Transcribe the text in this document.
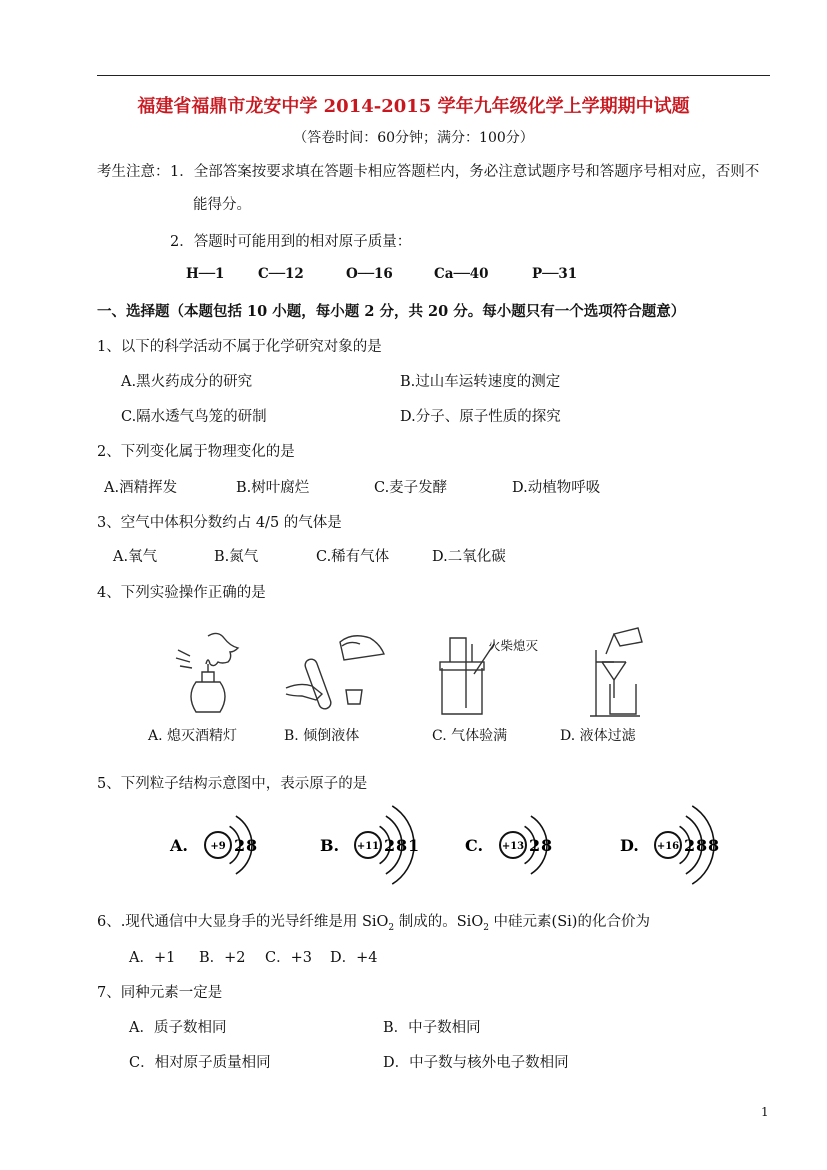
福建省福鼎市龙安中学 2014-2015 学年九年级化学上学期期中试题
（答卷时间：60分钟；满分：100分）
考生注意： 1．全部答案按要求填在答题卡相应答题栏内，务必注意试题序号和答题序号相对应，否则不
能得分。
2．答题时可能用到的相对原子质量：
H──1 C──12	O──16	Ca──40	P──31
一、选择题（本题包括 10 小题，每小题 2 分，共 20 分。每小题只有一个选项符合题意）
1、以下的科学活动不属于化学研究对象的是
A.黑火药成分的研究	B.过山车运转速度的测定
C.隔水透气鸟笼的研制	D.分子、原子性质的探究
2、下列变化属于物理变化的是
A.酒精挥发	B.树叶腐烂	C.麦子发酵	D.动植物呼吸
3、空气中体积分数约占 4/5 的气体是
A.氧气	B.氮气	C.稀有气体	D.二氧化碳
4、下列实验操作正确的是
A. 熄灭酒精灯	B. 倾倒液体
火柴熄灭
C. 气体验满	D. 液体过滤
5、下列粒子结构示意图中，表示原子的是
A. +9 2 8	B. +11 2 8 1	C. +13 2 8	D. +16 2 8 8
6、.现代通信中大显身手的光导纤维是用 SiO$_2$ 制成的。SiO$_2$ 中硅元素(Si)的化合价为
A．+1 B．+2 C．+3 D．+4
7、同种元素一定是
A．质子数相同	B．中子数相同
C．相对原子质量相同	D．中子数与核外电子数相同
1
